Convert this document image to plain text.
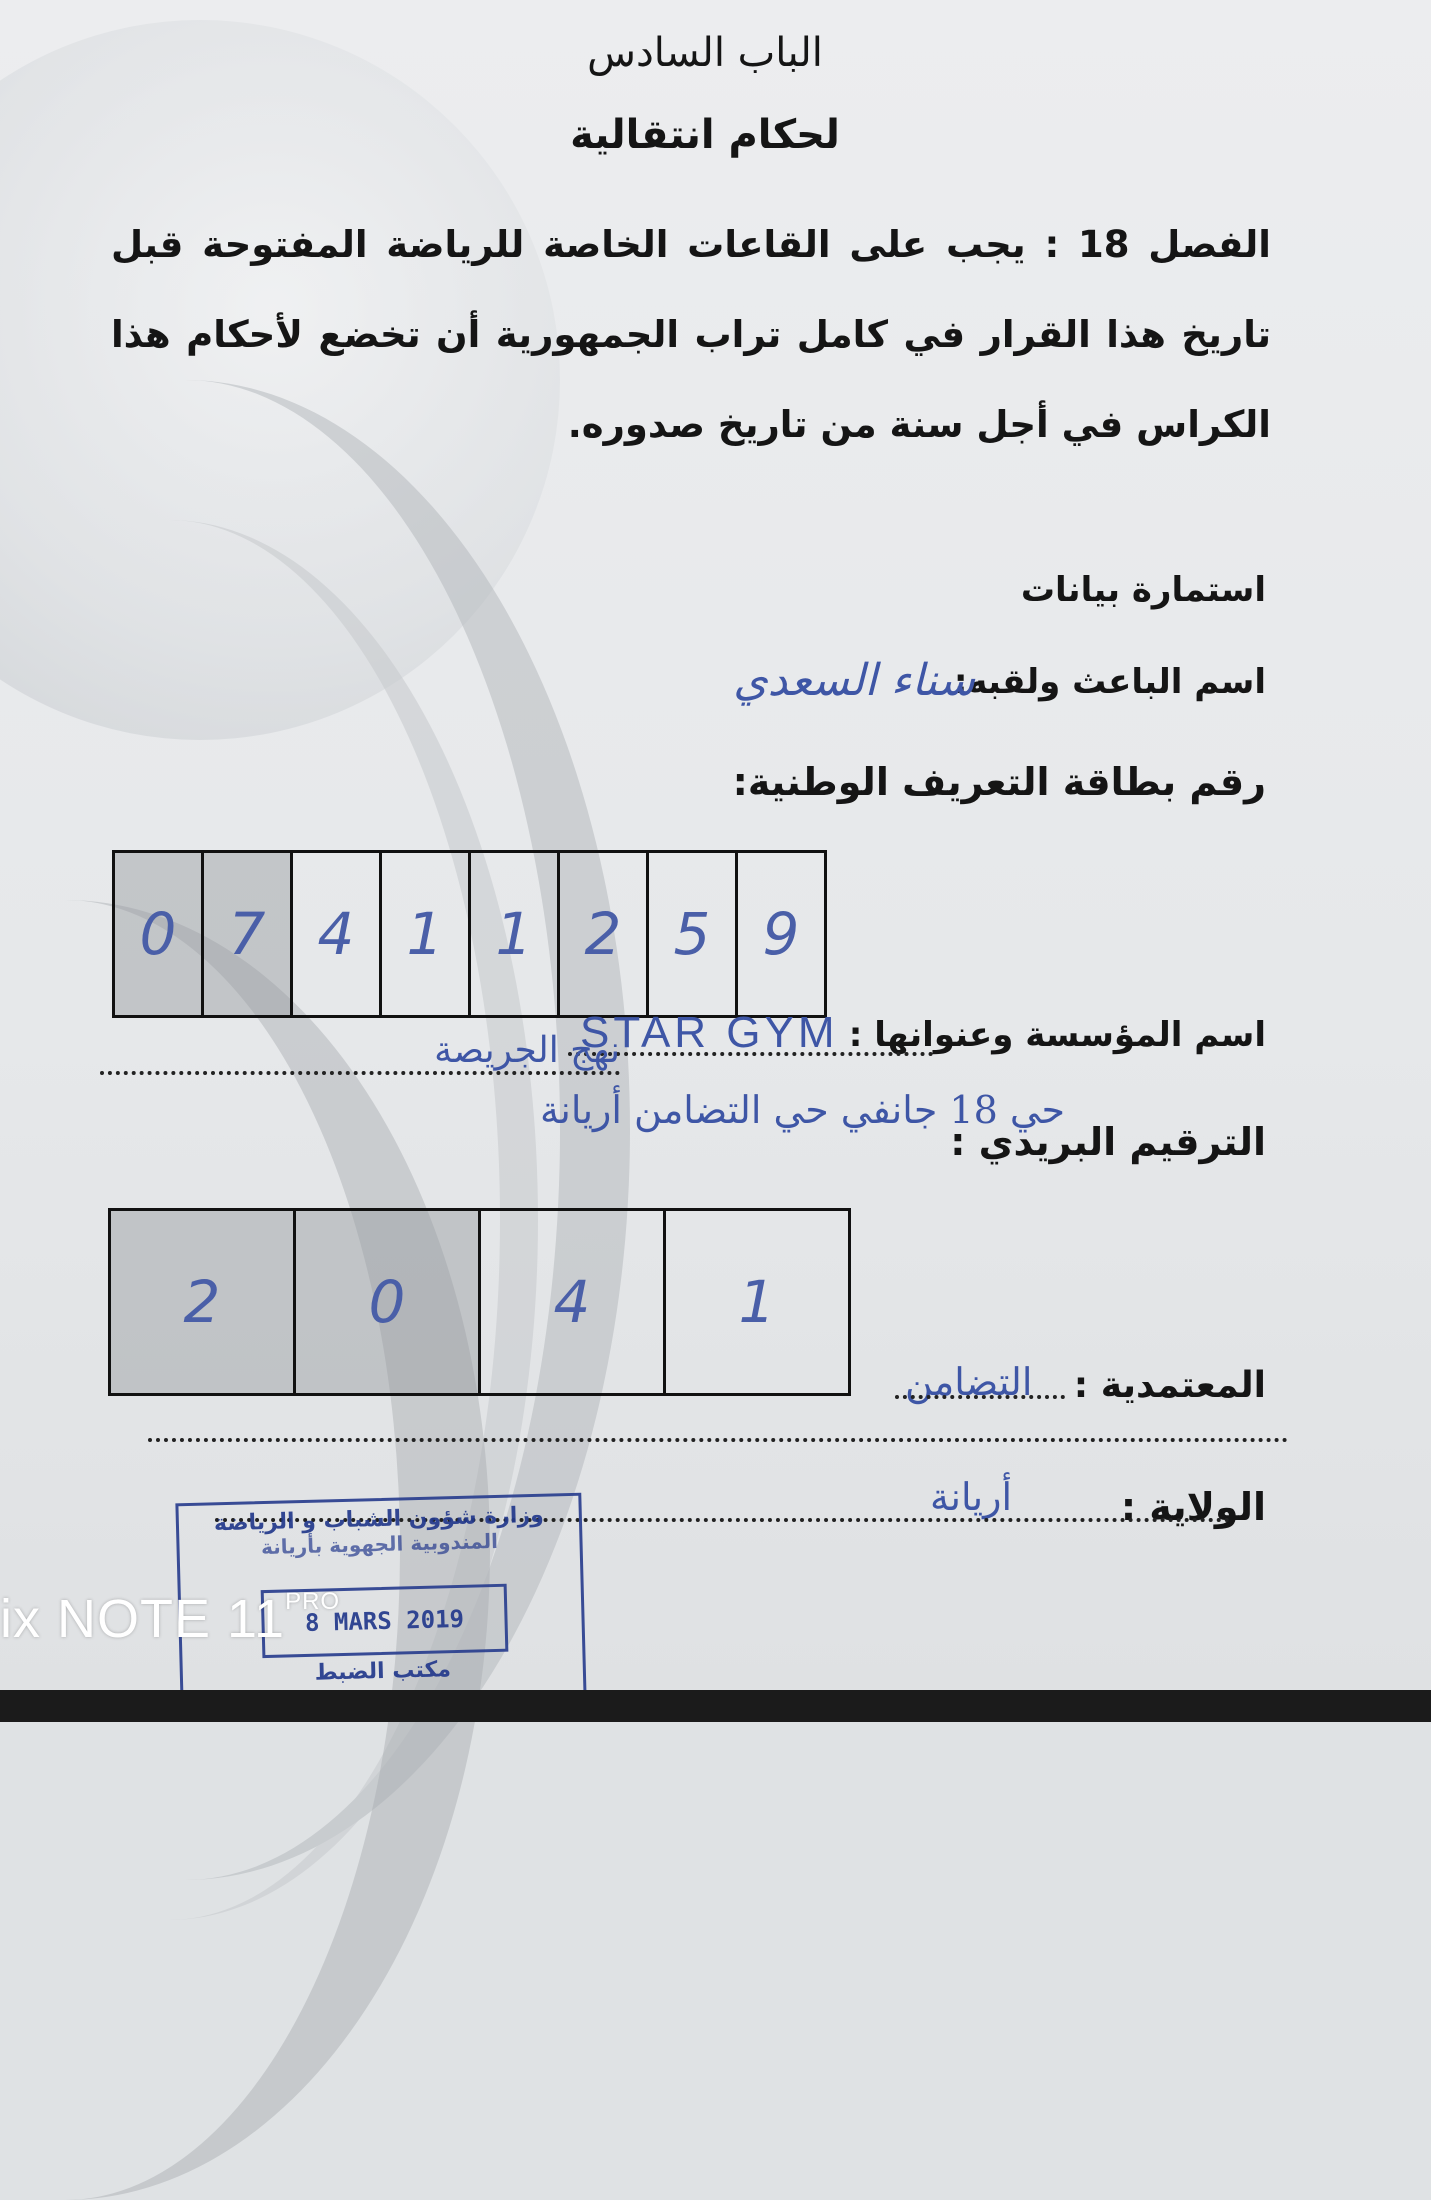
الباب السادس
لحكام انتقالية
الفصل 18 : يجب على القاعات الخاصة للرياضة المفتوحة قبل تاريخ هذا القرار في كامل تراب الجمهورية أن تخضع لأحكام هذا الكراس في أجل سنة من تاريخ صدوره.
استمارة بيانات
اسم الباعث ولقبه:
سناء السعدي
رقم بطاقة التعريف الوطنية:
0	7	4	1	1	2	5	9
اسم المؤسسة وعنوانها :
STAR GYM
نهج الجريصة
حي 18 جانفي حي التضامن أريانة
الترقيم البريدي :
2	0	4	1
المعتمدية :
التضامن
الولاية :
أريانة
وزارة شؤون الشباب و الرياضة
المندوبية الجهوية بأريانة
8 MARS 2019
مكتب الضبط
ix NOTE $11^{PRO}$
